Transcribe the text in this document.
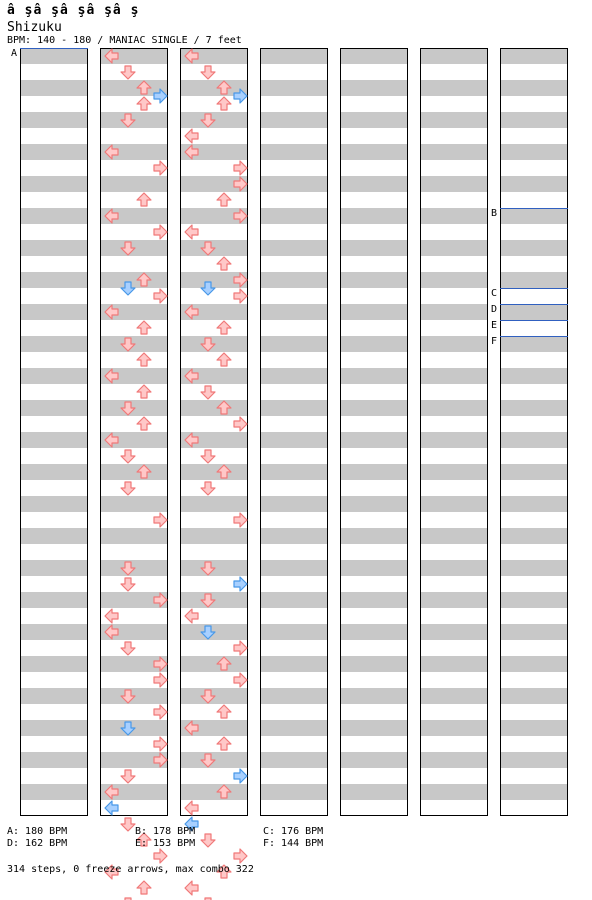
â şâ şâ şâ şâ ş
Shizuku
BPM: 140 - 180 / MANIAC SINGLE / 7 feet
A
B
C
D
E
F
A: 180 BPM	B: 178 BPM	C: 176 BPM
D: 162 BPM	E: 153 BPM	F: 144 BPM
314 steps, 0 freeze arrows, max combo 322
